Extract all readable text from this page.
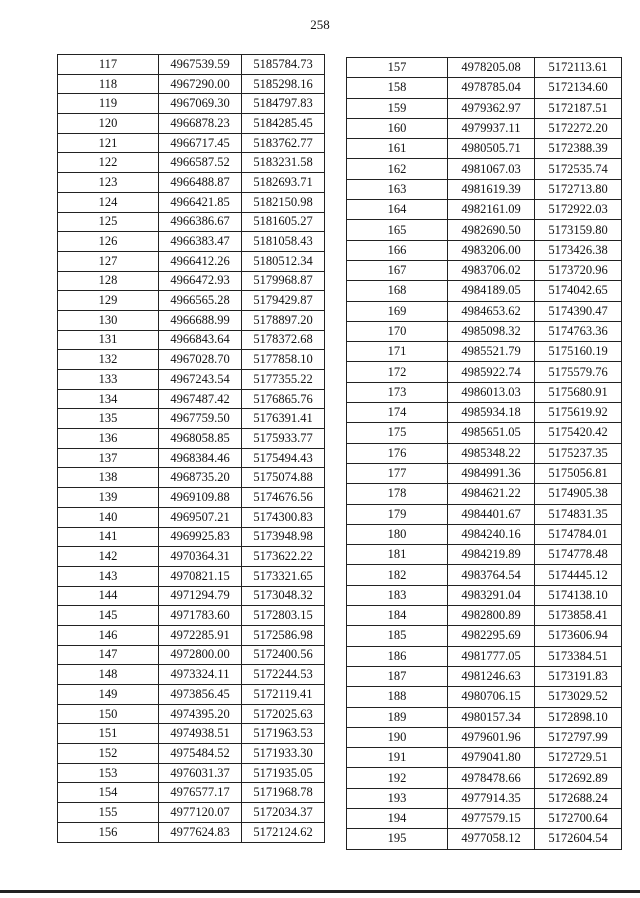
258
117	4967539.59	5185784.73
118	4967290.00	5185298.16
119	4967069.30	5184797.83
120	4966878.23	5184285.45
121	4966717.45	5183762.77
122	4966587.52	5183231.58
123	4966488.87	5182693.71
124	4966421.85	5182150.98
125	4966386.67	5181605.27
126	4966383.47	5181058.43
127	4966412.26	5180512.34
128	4966472.93	5179968.87
129	4966565.28	5179429.87
130	4966688.99	5178897.20
131	4966843.64	5178372.68
132	4967028.70	5177858.10
133	4967243.54	5177355.22
134	4967487.42	5176865.76
135	4967759.50	5176391.41
136	4968058.85	5175933.77
137	4968384.46	5175494.43
138	4968735.20	5175074.88
139	4969109.88	5174676.56
140	4969507.21	5174300.83
141	4969925.83	5173948.98
142	4970364.31	5173622.22
143	4970821.15	5173321.65
144	4971294.79	5173048.32
145	4971783.60	5172803.15
146	4972285.91	5172586.98
147	4972800.00	5172400.56
148	4973324.11	5172244.53
149	4973856.45	5172119.41
150	4974395.20	5172025.63
151	4974938.51	5171963.53
152	4975484.52	5171933.30
153	4976031.37	5171935.05
154	4976577.17	5171968.78
155	4977120.07	5172034.37
156	4977624.83	5172124.62
157	4978205.08	5172113.61
158	4978785.04	5172134.60
159	4979362.97	5172187.51
160	4979937.11	5172272.20
161	4980505.71	5172388.39
162	4981067.03	5172535.74
163	4981619.39	5172713.80
164	4982161.09	5172922.03
165	4982690.50	5173159.80
166	4983206.00	5173426.38
167	4983706.02	5173720.96
168	4984189.05	5174042.65
169	4984653.62	5174390.47
170	4985098.32	5174763.36
171	4985521.79	5175160.19
172	4985922.74	5175579.76
173	4986013.03	5175680.91
174	4985934.18	5175619.92
175	4985651.05	5175420.42
176	4985348.22	5175237.35
177	4984991.36	5175056.81
178	4984621.22	5174905.38
179	4984401.67	5174831.35
180	4984240.16	5174784.01
181	4984219.89	5174778.48
182	4983764.54	5174445.12
183	4983291.04	5174138.10
184	4982800.89	5173858.41
185	4982295.69	5173606.94
186	4981777.05	5173384.51
187	4981246.63	5173191.83
188	4980706.15	5173029.52
189	4980157.34	5172898.10
190	4979601.96	5172797.99
191	4979041.80	5172729.51
192	4978478.66	5172692.89
193	4977914.35	5172688.24
194	4977579.15	5172700.64
195	4977058.12	5172604.54
